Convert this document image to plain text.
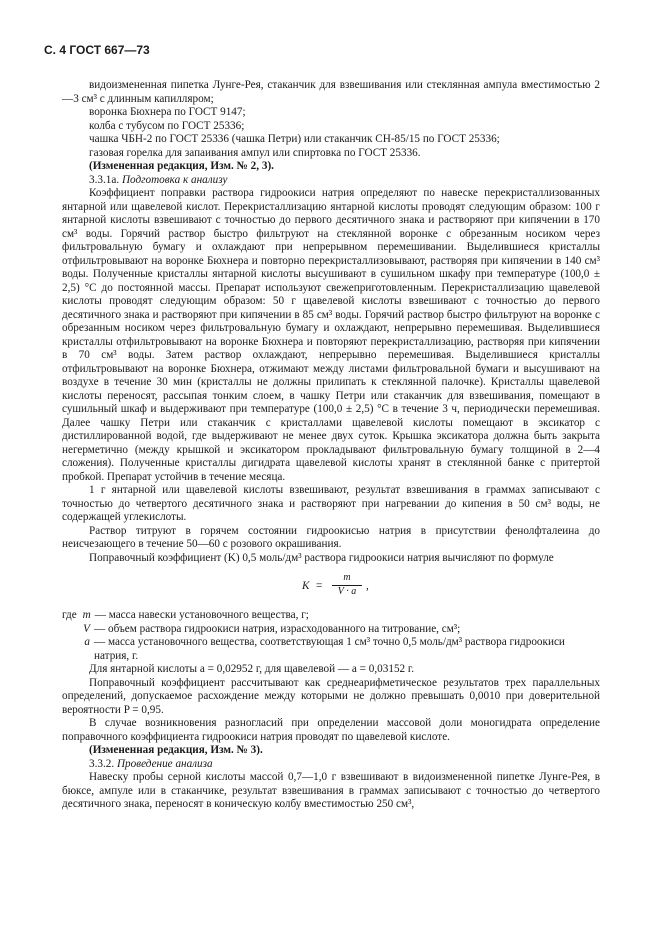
С. 4 ГОСТ 667—73

видоизмененная пипетка Лунге-Рея, стаканчик для взвешивания или стеклянная ампула вместимостью 2—3 см³ с длинным капилляром;

воронка Бюхнера по ГОСТ 9147;

колба с тубусом по ГОСТ 25336;

чашка ЧБН-2 по ГОСТ 25336 (чашка Петри) или стаканчик СН-85/15 по ГОСТ 25336;

газовая горелка для запаивания ампул или спиртовка по ГОСТ 25336.

(Измененная редакция, Изм. № 2, 3).

3.3.1а. Подготовка к анализу

Коэффициент поправки раствора гидроокиси натрия определяют по навеске перекристаллизованных янтарной или щавелевой кислот. Перекристаллизацию янтарной кислоты проводят следующим образом: 100 г янтарной кислоты взвешивают с точностью до первого десятичного знака и растворяют при кипячении в 170 см³ воды. Горячий раствор быстро фильтруют на стеклянной воронке с обрезанным носиком через фильтровальную бумагу и охлаждают при непрерывном перемешивании. Выделившиеся кристаллы отфильтровывают на воронке Бюхнера и повторно перекристаллизовывают, растворяя при кипячении в 140 см³ воды. Полученные кристаллы янтарной кислоты высушивают в сушильном шкафу при температуре (100,0 ± 2,5) °С до постоянной массы. Препарат используют свежеприготовленным. Перекристаллизацию щавелевой кислоты проводят следующим образом: 50 г щавелевой кислоты взвешивают с точностью до первого десятичного знака и растворяют при кипячении в 85 см³ воды. Горячий раствор быстро фильтруют на воронке с обрезанным носиком через фильтровальную бумагу и охлаждают, непрерывно перемешивая. Выделившиеся кристаллы отфильтровывают на воронке Бюхнера и повторяют перекристаллизацию, растворяя при кипячении в 70 см³ воды. Затем раствор охлаждают, непрерывно перемешивая. Выделившиеся кристаллы отфильтровывают на воронке Бюхнера, отжимают между листами фильтровальной бумаги и высушивают на воздухе в течение 30 мин (кристаллы не должны прилипать к стеклянной палочке). Кристаллы щавелевой кислоты переносят, рассыпая тонким слоем, в чашку Петри или стаканчик для взвешивания, помещают в сушильный шкаф и выдерживают при температуре (100,0 ± 2,5) °С в течение 3 ч, периодически перемешивая. Далее чашку Петри или стаканчик с кристаллами щавелевой кислоты помещают в эксикатор с дистиллированной водой, где выдерживают не менее двух суток. Крышка эксикатора должна быть закрыта негерметично (между крышкой и эксикатором прокладывают фильтровальную бумагу толщиной в 2—4 сложения). Полученные кристаллы дигидрата щавелевой кислоты хранят в стеклянной банке с притертой пробкой. Препарат устойчив в течение месяца.

1 г янтарной или щавелевой кислоты взвешивают, результат взвешивания в граммах записывают с точностью до четвертого десятичного знака и растворяют при нагревании до кипения в 50 см³ воды, не содержащей углекислоты.

Раствор титруют в горячем состоянии гидроокисью натрия в присутствии фенолфталеина до неисчезающего в течение 50—60 с розового окрашивания.

Поправочный коэффициент (K) 0,5 моль/дм³ раствора гидроокиси натрия вычисляют по формуле

$K = \frac{m}{V \cdot a}$ ,
где m — масса навески установочного вещества, г;
V — объем раствора гидроокиси натрия, израсходованного на титрование, см³;
a — масса установочного вещества, соответствующая 1 см³ точно 0,5 моль/дм³ раствора гидроокиси натрия, г.

Для янтарной кислоты a = 0,02952 г, для щавелевой — a = 0,03152 г.

Поправочный коэффициент рассчитывают как среднеарифметическое результатов трех параллельных определений, допускаемое расхождение между которыми не должно превышать 0,0010 при доверительной вероятности P = 0,95.

В случае возникновения разногласий при определении массовой доли моногидрата определение поправочного коэффициента гидроокиси натрия проводят по щавелевой кислоте.

(Измененная редакция, Изм. № 3).

3.3.2. Проведение анализа

Навеску пробы серной кислоты массой 0,7—1,0 г взвешивают в видоизмененной пипетке Лунге-Рея, в бюксе, ампуле или в стаканчике, результат взвешивания в граммах записывают с точностью до четвертого десятичного знака, переносят в коническую колбу вместимостью 250 см³,
